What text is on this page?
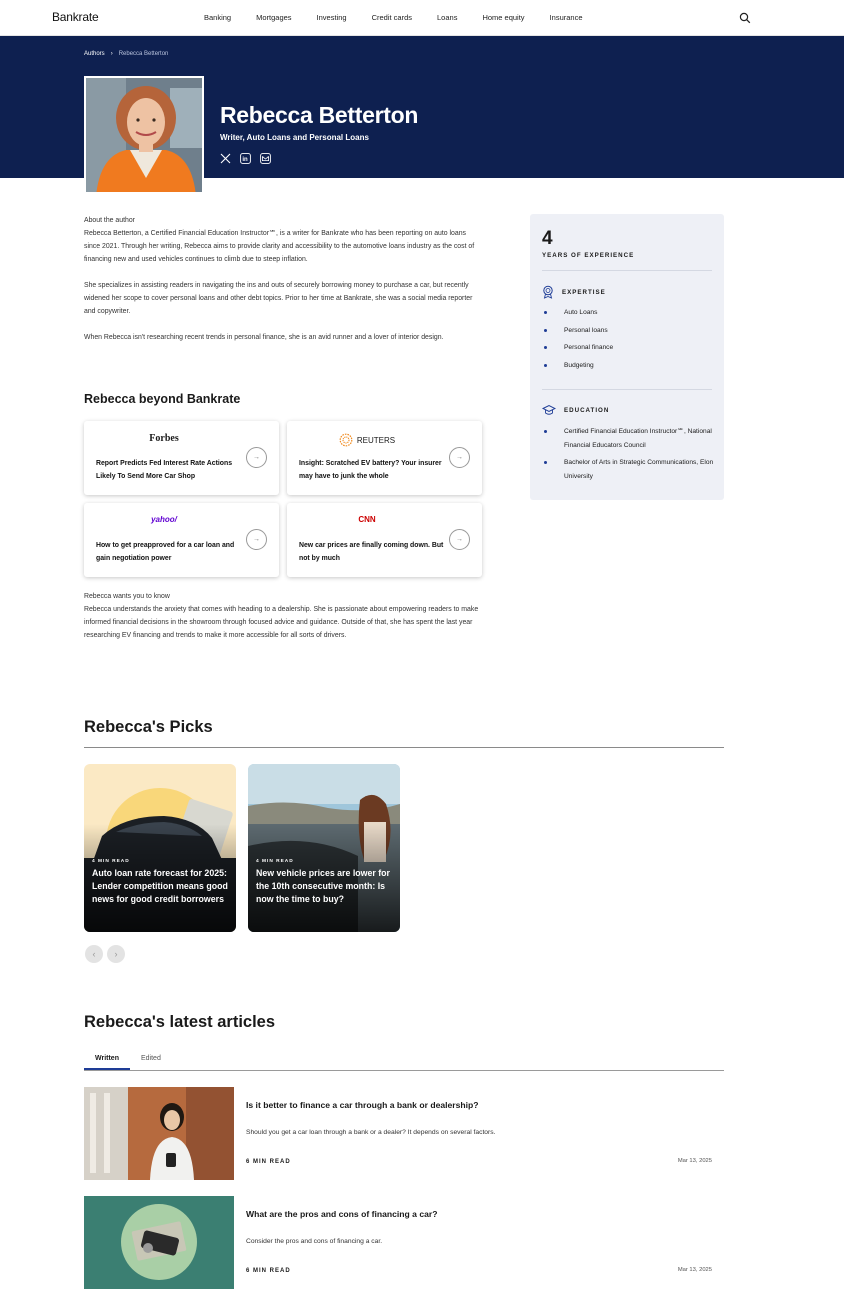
Bankrate	Banking	Mortgages	Investing	Credit cards	Loans	Home equity	Insurance
Authors › Rebecca Betterton
Rebecca Betterton
Writer, Auto Loans and Personal Loans
in

About the author

Rebecca Betterton, a Certified Financial Education Instructor℠, is a writer for Bankrate who has been reporting on auto loans since 2021. Through her writing, Rebecca aims to provide clarity and accessibility to the automotive loans industry as the cost of financing new and used vehicles continues to climb due to steep inflation.

She specializes in assisting readers in navigating the ins and outs of securely borrowing money to purchase a car, but recently widened her scope to cover personal loans and other debt topics. Prior to her time at Bankrate, she was a social media reporter and copywriter.

When Rebecca isn't researching recent trends in personal finance, she is an avid runner and a lover of interior design.

4
YEARS OF EXPERIENCE
EXPERTISE
Auto Loans
Personal loans
Personal finance
Budgeting
EDUCATION
Certified Financial Education Instructor℠, National Financial Educators Council
Bachelor of Arts in Strategic Communications, Elon University
Rebecca beyond Bankrate
Forbes
Report Predicts Fed Interest Rate Actions Likely To Send More Car Shop
→
REUTERS
Insight: Scratched EV battery? Your insurer may have to junk the whole
→
yahoo/
How to get preapproved for a car loan and gain negotiation power
→
CNN
New car prices are finally coming down. But not by much
→
Rebecca wants you to know
Rebecca understands the anxiety that comes with heading to a dealership. She is passionate about empowering readers to make informed financial decisions in the showroom through focused advice and guidance. Outside of that, she has spent the last year researching EV financing and trends to make it more accessible for all sorts of drivers.
Rebecca's Picks
4 MIN READ
Auto loan rate forecast for 2025: Lender competition means good news for good credit borrowers
4 MIN READ
New vehicle prices are lower for the 10th consecutive month: Is now the time to buy?
‹	›
Rebecca's latest articles
Written	Edited
Is it better to finance a car through a bank or dealership?
Should you get a car loan through a bank or a dealer? It depends on several factors.
6 MIN READ	Mar 13, 2025
What are the pros and cons of financing a car?
Consider the pros and cons of financing a car.
6 MIN READ	Mar 13, 2025
